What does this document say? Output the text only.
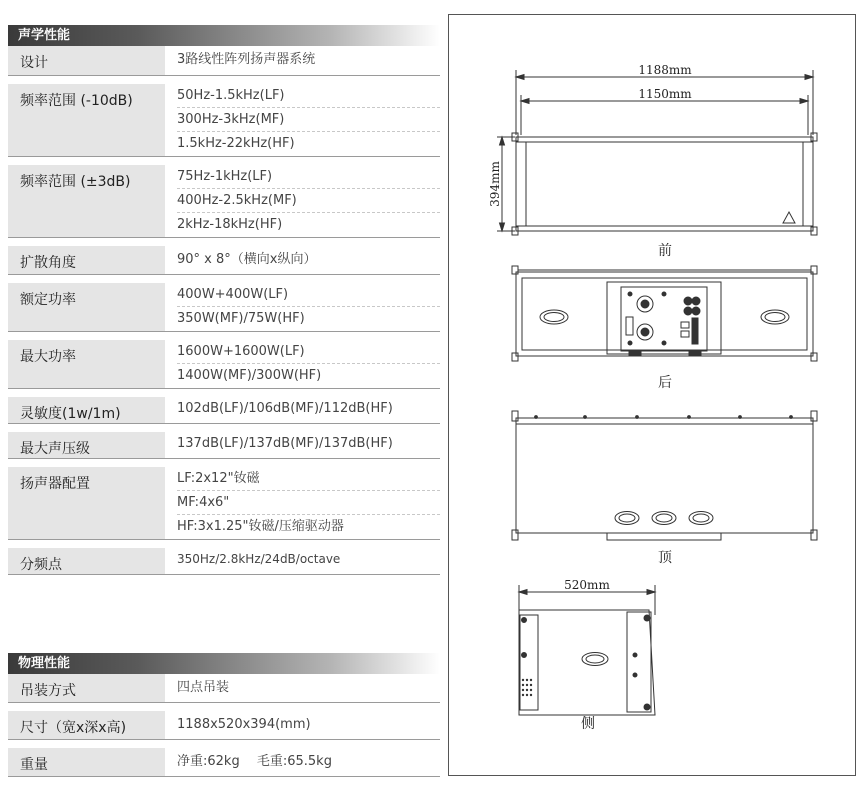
声学性能
设计	3路线性阵列扬声器系统
频率范围 (-10dB)	50Hz-1.5kHz(LF)
300Hz-3kHz(MF)
1.5kHz-22kHz(HF)
频率范围 (±3dB)	75Hz-1kHz(LF)
400Hz-2.5kHz(MF)
2kHz-18kHz(HF)
扩散角度	90° x 8°（横向x纵向）
额定功率	400W+400W(LF)
350W(MF)/75W(HF)
最大功率	1600W+1600W(LF)
1400W(MF)/300W(HF)
灵敏度(1w/1m)	102dB(LF)/106dB(MF)/112dB(HF)
最大声压级	137dB(LF)/137dB(MF)/137dB(HF)
扬声器配置	LF:2x12"钕磁
MF:4x6"
HF:3x1.25"钕磁/压缩驱动器
分频点	350Hz/2.8kHz/24dB/octave
物理性能
吊装方式	四点吊装
尺寸（宽x深x高)	1188x520x394(mm)
重量	净重:62kg　 毛重:65.5kg
1188mm
1150mm
394mm
前
后
顶
520mm
侧
